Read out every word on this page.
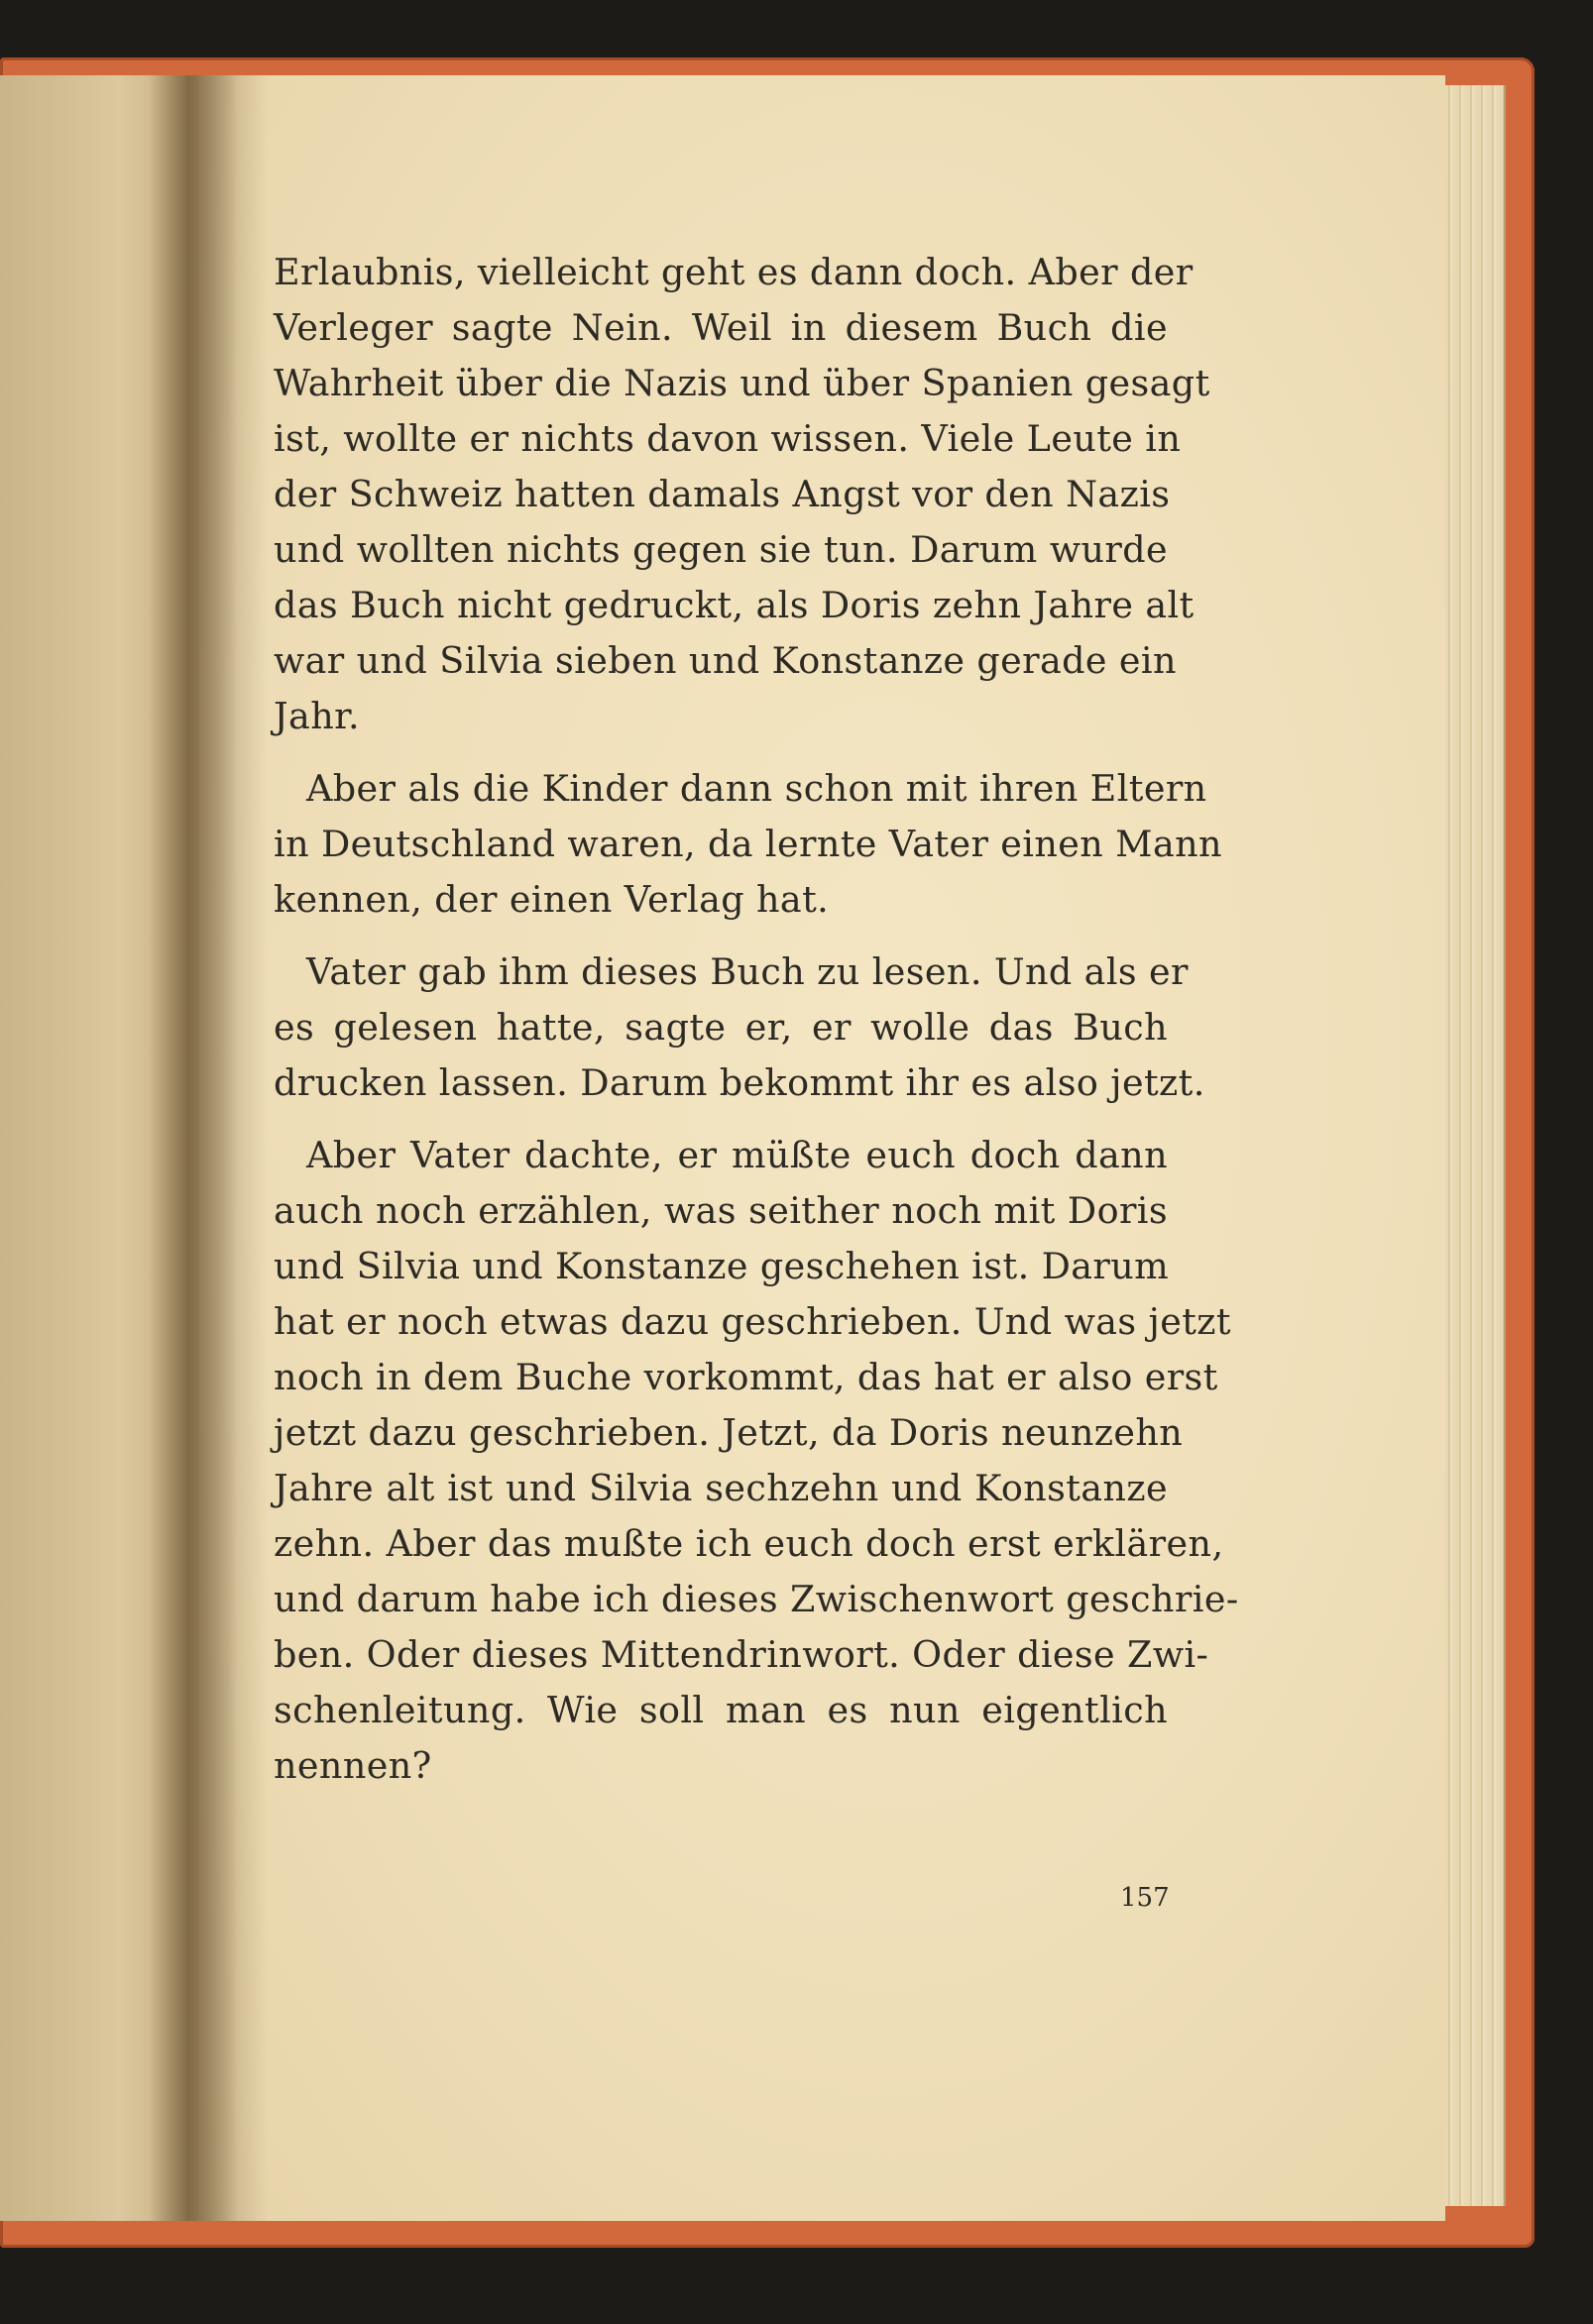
Erlaubnis, vielleicht geht es dann doch. Aber der
Verleger sagte Nein. Weil in diesem Buch die
Wahrheit über die Nazis und über Spanien gesagt
ist, wollte er nichts davon wissen. Viele Leute in
der Schweiz hatten damals Angst vor den Nazis
und wollten nichts gegen sie tun. Darum wurde
das Buch nicht gedruckt, als Doris zehn Jahre alt
war und Silvia sieben und Konstanze gerade ein
Jahr.
Aber als die Kinder dann schon mit ihren Eltern
in Deutschland waren, da lernte Vater einen Mann
kennen, der einen Verlag hat.
Vater gab ihm dieses Buch zu lesen. Und als er
es gelesen hatte, sagte er, er wolle das Buch
drucken lassen. Darum bekommt ihr es also jetzt.
Aber Vater dachte, er müßte euch doch dann
auch noch erzählen, was seither noch mit Doris
und Silvia und Konstanze geschehen ist. Darum
hat er noch etwas dazu geschrieben. Und was jetzt
noch in dem Buche vorkommt, das hat er also erst
jetzt dazu geschrieben. Jetzt, da Doris neunzehn
Jahre alt ist und Silvia sechzehn und Konstanze
zehn. Aber das mußte ich euch doch erst erklären,
und darum habe ich dieses Zwischenwort geschrie-
ben. Oder dieses Mittendrinwort. Oder diese Zwi-
schenleitung. Wie soll man es nun eigentlich
nennen?
157
